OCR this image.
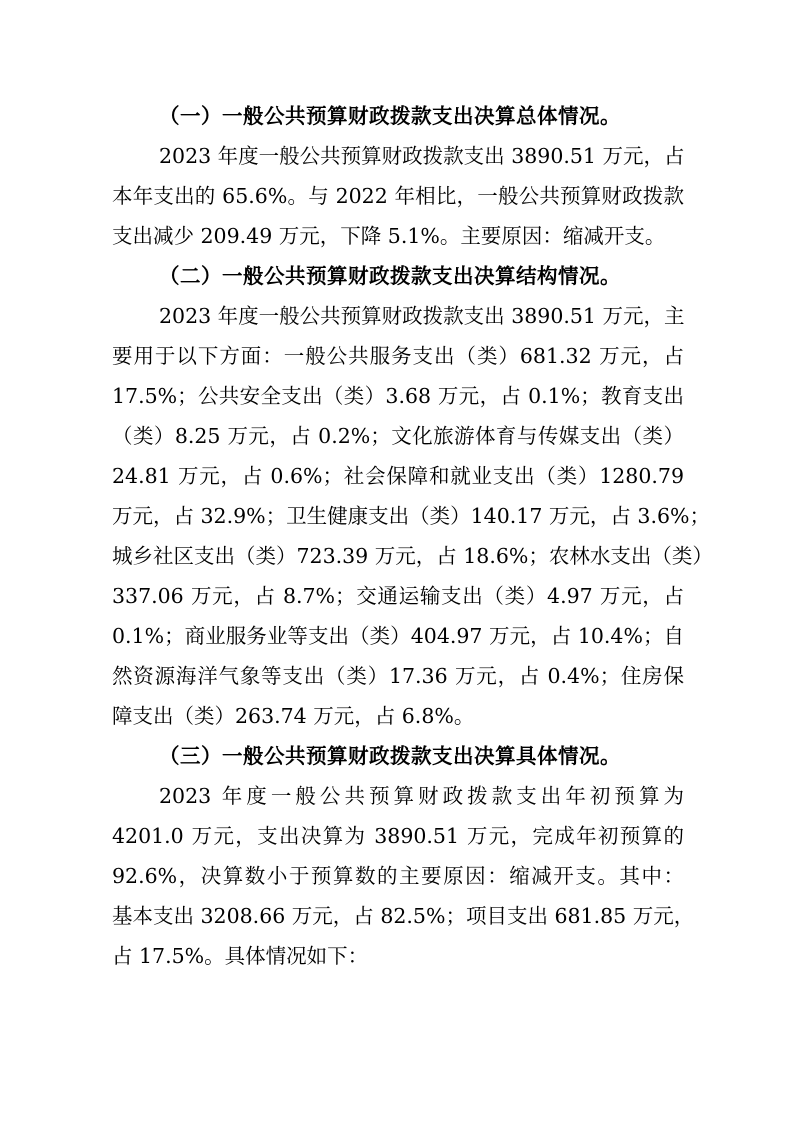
（一）一般公共预算财政拨款支出决算总体情况。
2023 年度一般公共预算财政拨款支出 3890.51 万元，占
本年支出的 65.6%。与 2022 年相比，一般公共预算财政拨款
支出减少 209.49 万元，下降 5.1%。主要原因：缩减开支。
（二）一般公共预算财政拨款支出决算结构情况。
2023 年度一般公共预算财政拨款支出 3890.51 万元，主
要用于以下方面：一般公共服务支出（类）681.32 万元，占
17.5%；公共安全支出（类）3.68 万元，占 0.1%；教育支出
（类）8.25 万元，占 0.2%；文化旅游体育与传媒支出（类）
24.81 万元，占 0.6%；社会保障和就业支出（类）1280.79
万元，占 32.9%；卫生健康支出（类）140.17 万元，占 3.6%；
城乡社区支出（类）723.39 万元，占 18.6%；农林水支出（类）
337.06 万元，占 8.7%；交通运输支出（类）4.97 万元，占
0.1%；商业服务业等支出（类）404.97 万元，占 10.4%；自
然资源海洋气象等支出（类）17.36 万元，占 0.4%；住房保
障支出（类）263.74 万元，占 6.8%。
（三）一般公共预算财政拨款支出决算具体情况。
2023 年度一般公共预算财政拨款支出年初预算为
4201.0 万元，支出决算为 3890.51 万元，完成年初预算的
92.6%，决算数小于预算数的主要原因：缩减开支。其中：
基本支出 3208.66 万元，占 82.5%；项目支出 681.85 万元，
占 17.5%。具体情况如下：
